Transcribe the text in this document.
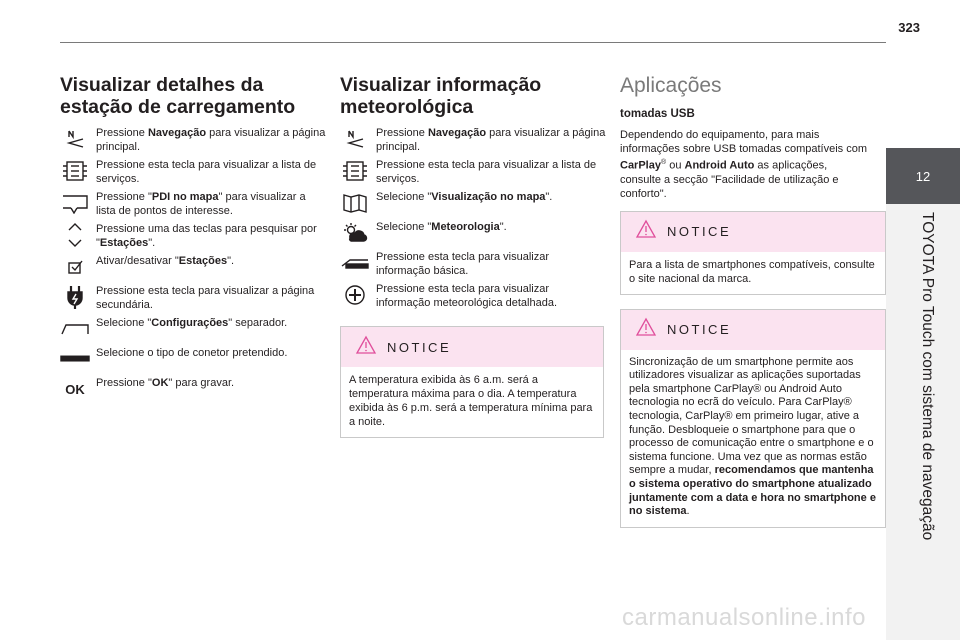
323
12
TOYOTA Pro Touch com sistema de navegação
Visualizar detalhes da
estação de carregamento
Pressione Navegação para visualizar a página principal.
Pressione esta tecla para visualizar a lista de serviços.
Pressione "PDI no mapa" para visualizar a lista de pontos de interesse.
Pressione uma das teclas para pesquisar por "Estações".
Ativar/desativar "Estações".
Pressione esta tecla para visualizar a página secundária.
Selecione "Configurações" separador.
Selecione o tipo de conetor pretendido.
OK Pressione "OK" para gravar.
Visualizar informação
meteorológica
Pressione Navegação para visualizar a página principal.
Pressione esta tecla para visualizar a lista de serviços.
Selecione "Visualização no mapa".
Selecione "Meteorologia".
Pressione esta tecla para visualizar informação básica.
Pressione esta tecla para visualizar informação meteorológica detalhada.
NOTICE
A temperatura exibida às 6 a.m. será a temperatura máxima para o dia. A temperatura exibida às 6 p.m. será a temperatura mínima para a noite.
Aplicações
tomadas USB
Dependendo do equipamento, para mais informações sobre USB tomadas compatíveis com CarPlay® ou Android Auto as aplicações, consulte a secção "Facilidade de utilização e conforto".
NOTICE
Para a lista de smartphones compatíveis, consulte o site nacional da marca.
NOTICE
Sincronização de um smartphone permite aos utilizadores visualizar as aplicações suportadas pela smartphone CarPlay® ou Android Auto tecnologia no ecrã do veículo. Para CarPlay® tecnologia, CarPlay® em primeiro lugar, ative a função. Desbloqueie o smartphone para que o processo de comunicação entre o smartphone e o sistema funcione. Uma vez que as normas estão sempre a mudar, recomendamos que mantenha o sistema operativo do smartphone atualizado juntamente com a data e hora no smartphone e no sistema.
carmanualsonline.info
